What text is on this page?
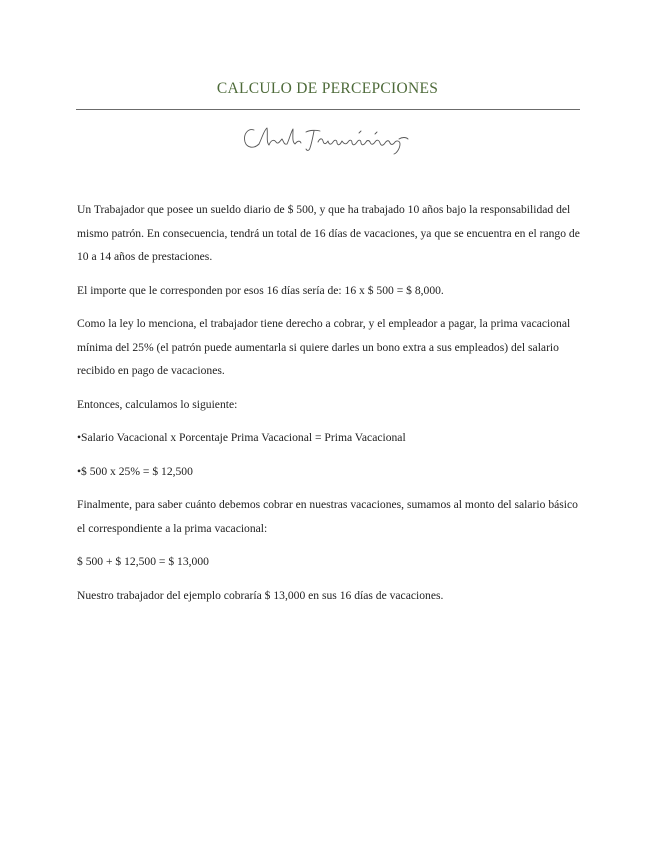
CALCULO DE PERCEPCIONES

Un Trabajador que posee un sueldo diario de $ 500, y que ha trabajado 10 años bajo la responsabilidad del mismo patrón. En consecuencia, tendrá un total de 16 días de vacaciones, ya que se encuentra en el rango de 10 a 14 años de prestaciones.

El importe que le corresponden por esos 16 días sería de: 16 x $ 500 = $ 8,000.

Como la ley lo menciona, el trabajador tiene derecho a cobrar, y el empleador a pagar, la prima vacacional mínima del 25% (el patrón puede aumentarla si quiere darles un bono extra a sus empleados) del salario recibido en pago de vacaciones.

Entonces, calculamos lo siguiente:

•Salario Vacacional x Porcentaje Prima Vacacional = Prima Vacacional

•$ 500 x 25% = $ 12,500

Finalmente, para saber cuánto debemos cobrar en nuestras vacaciones, sumamos al monto del salario básico el correspondiente a la prima vacacional:

$ 500 + $ 12,500 = $ 13,000

Nuestro trabajador del ejemplo cobraría $ 13,000 en sus 16 días de vacaciones.
